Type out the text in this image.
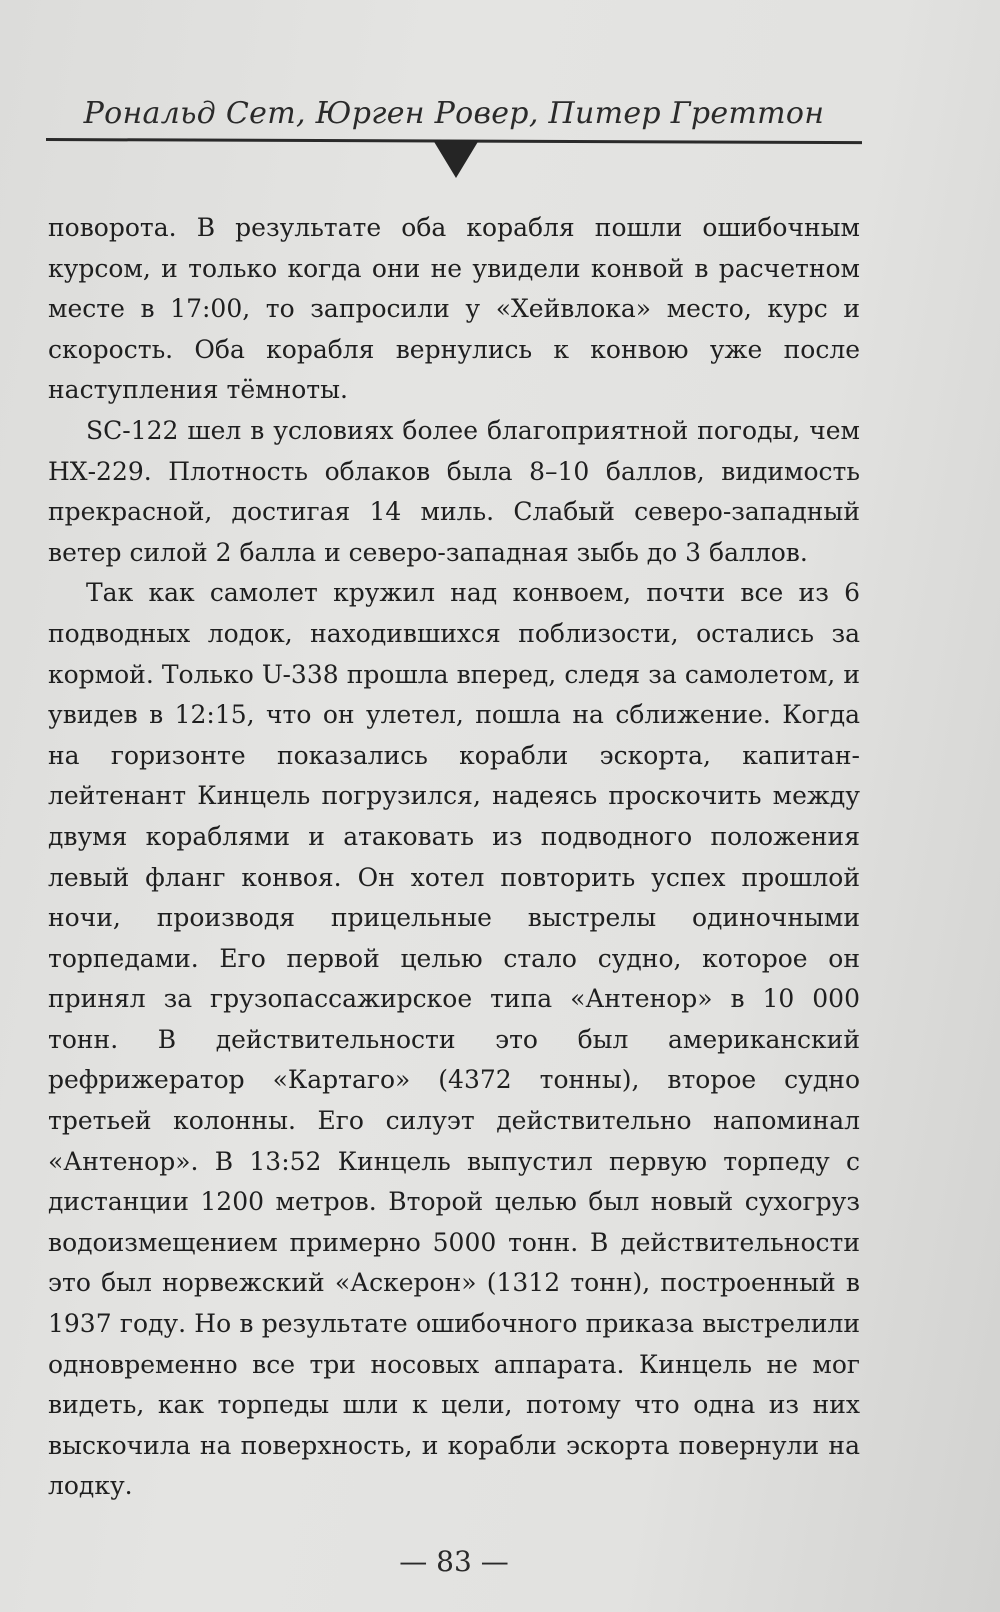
Рональд Сет, Юрген Ровер, Питер Греттон

поворота. В результате оба корабля пошли ошибочным курсом, и только когда они не увидели конвой в расчетном месте в 17:00, то запросили у «Хейвлока» место, курс и скорость. Оба корабля вернулись к конвою уже после наступления тёмноты.

SC-122 шел в условиях более благоприятной погоды, чем НХ-229. Плотность облаков была 8–10 баллов, видимость прекрасной, достигая 14 миль. Слабый северо-западный ветер силой 2 балла и северо-западная зыбь до 3 баллов.

Так как самолет кружил над конвоем, почти все из 6 подводных лодок, находившихся поблизости, остались за кормой. Только U-338 прошла вперед, следя за самолетом, и увидев в 12:15, что он улетел, пошла на сближение. Когда на горизонте показались корабли эскорта, капитан-лейтенант Кинцель погрузился, надеясь проскочить между двумя кораблями и атаковать из подводного положения левый фланг конвоя. Он хотел повторить успех прошлой ночи, производя прицельные выстрелы одиночными торпедами. Его первой целью стало судно, которое он принял за грузопассажирское типа «Антенор» в 10 000 тонн. В действительности это был американский рефрижератор «Картаго» (4372 тонны), второе судно третьей колонны. Его силуэт действительно напоминал «Антенор». В 13:52 Кинцель выпустил первую торпеду с дистанции 1200 метров. Второй целью был новый сухогруз водоизмещением примерно 5000 тонн. В действительности это был норвежский «Аскерон» (1312 тонн), построенный в 1937 году. Но в результате ошибочного приказа выстрелили одновременно все три носовых аппарата. Кинцель не мог видеть, как торпеды шли к цели, потому что одна из них выскочила на поверхность, и корабли эскорта повернули на лодку.

— 83 —
